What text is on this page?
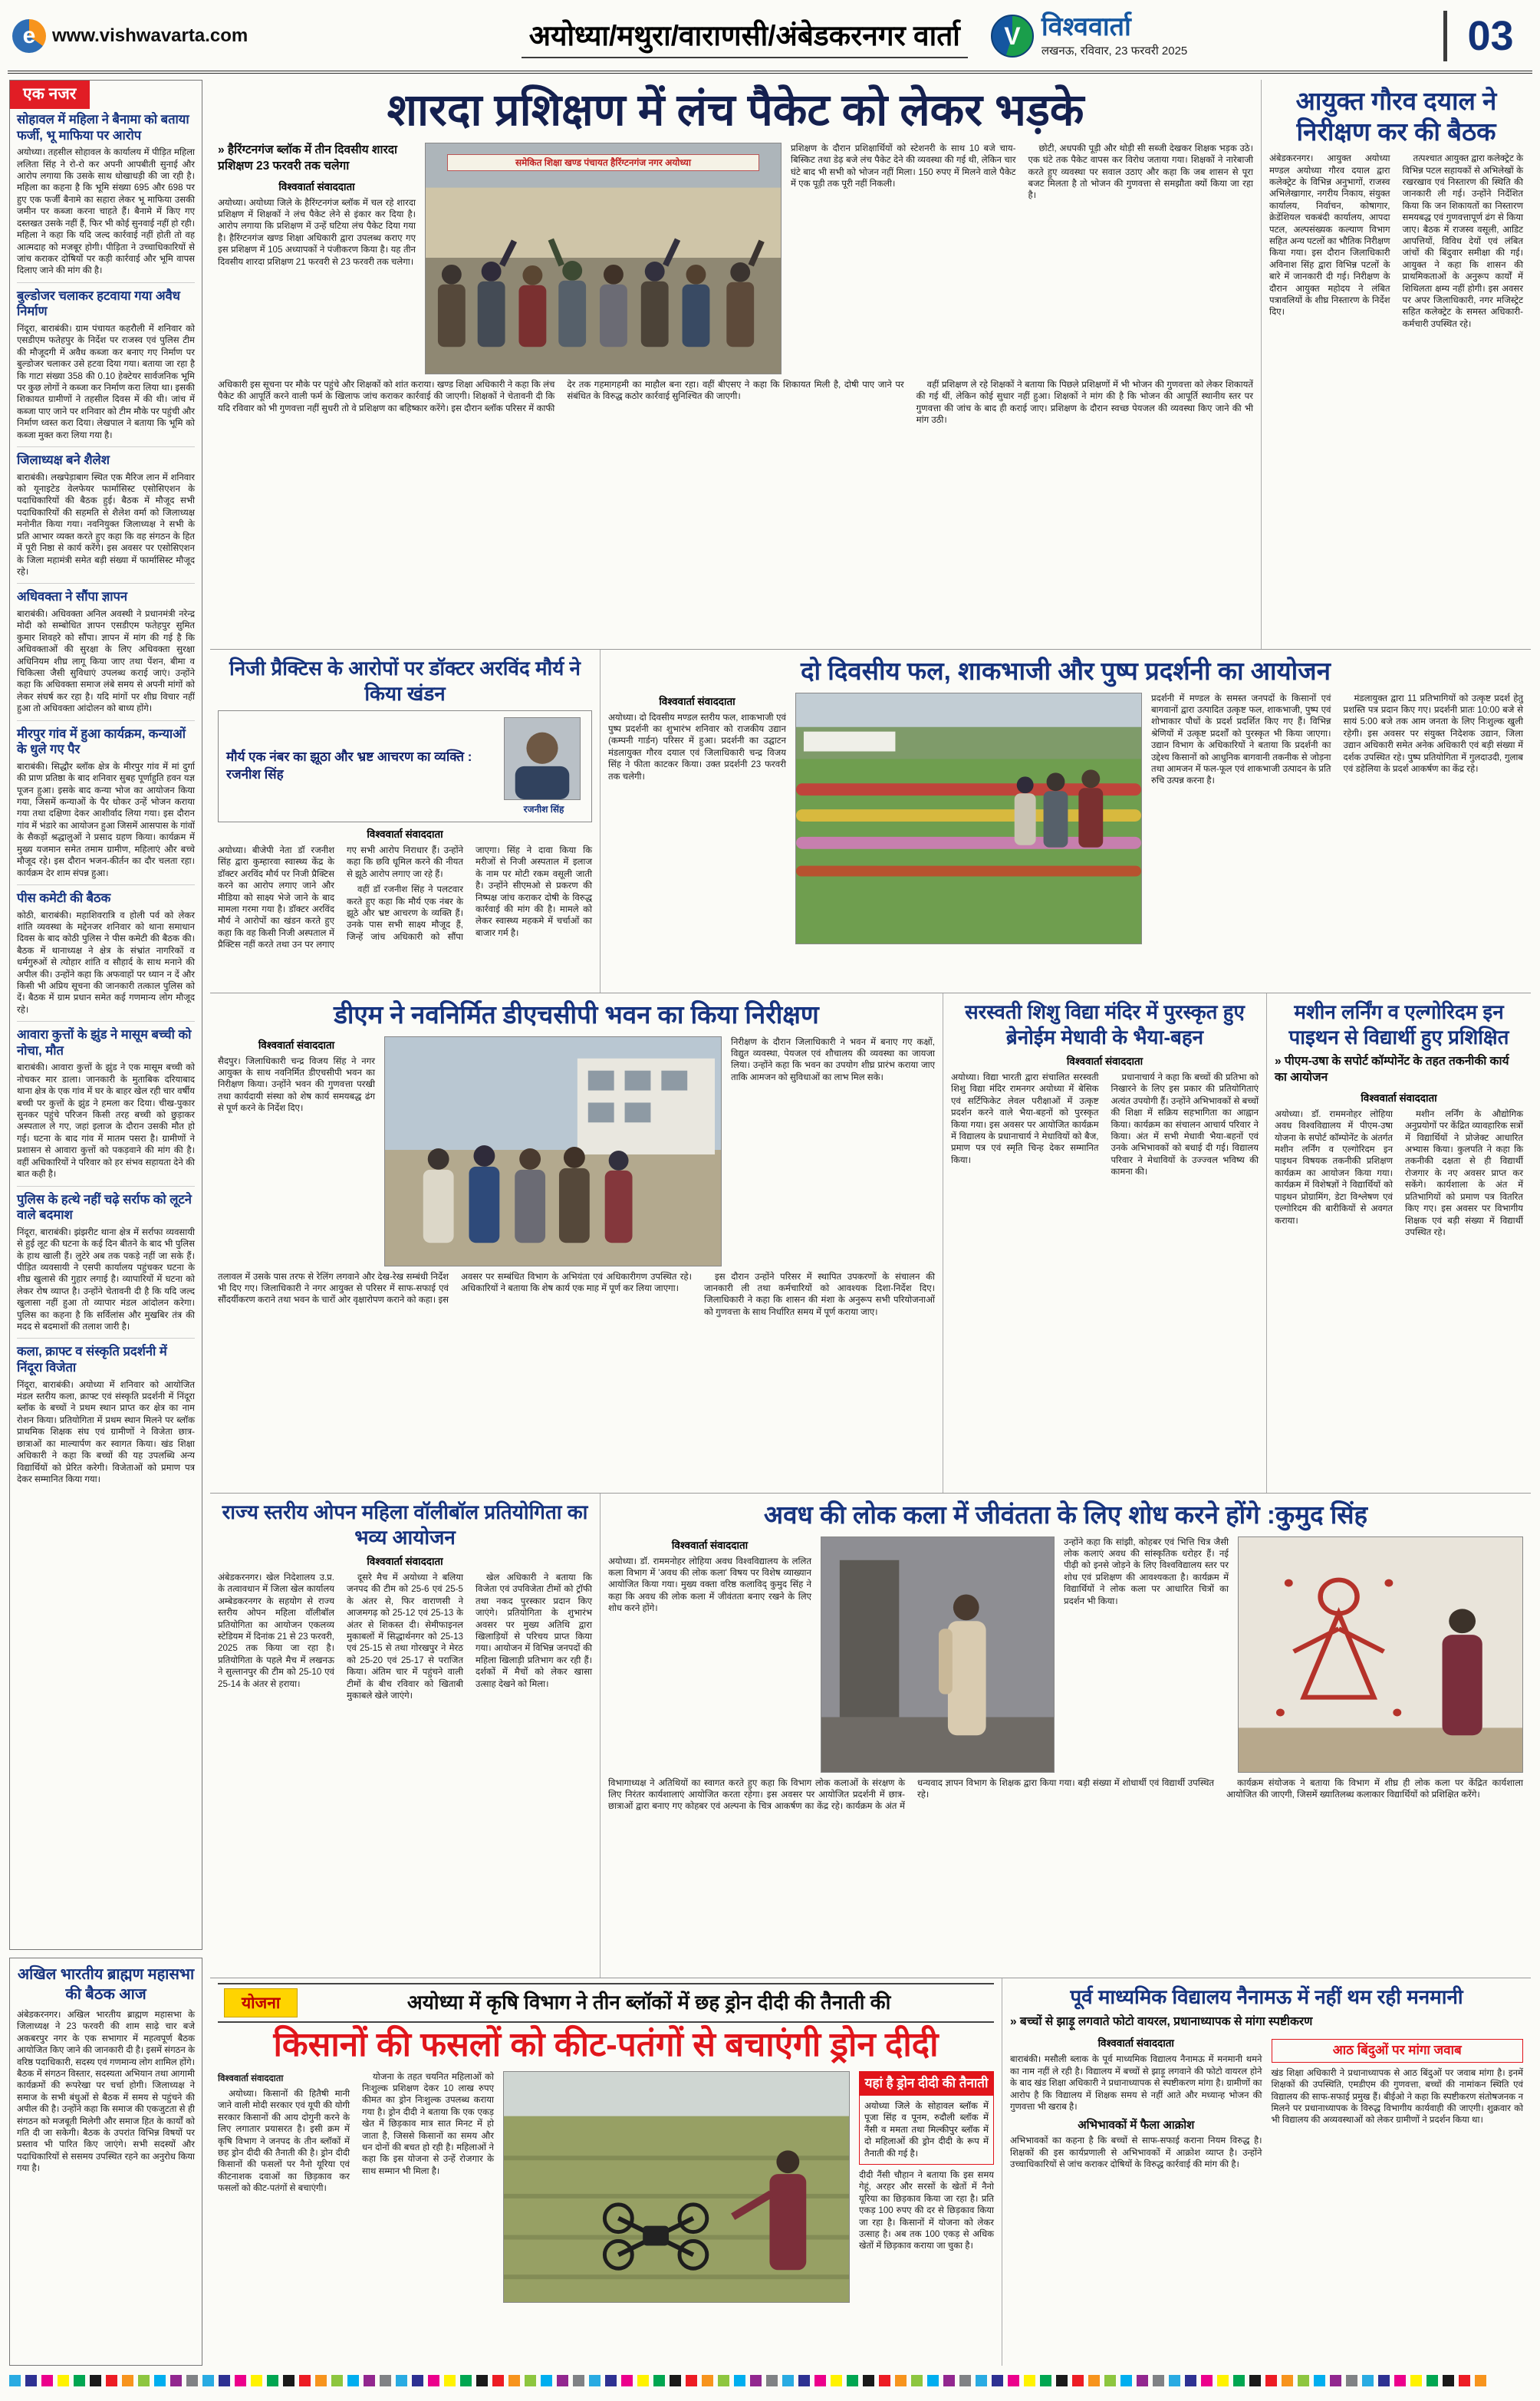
e www.vishwavarta.com	अयोध्या/मथुरा/वाराणसी/अंबेडकरनगर वार्ता	V विश्ववार्ता
लखनऊ, रविवार, 23 फरवरी 2025	03
एक नजर
सोहावल में महिला ने बैनामा को बताया फर्जी, भू माफिया पर आरोप

अयोध्या। तहसील सोहावल के कार्यालय में पीड़ित महिला ललिता सिंह ने रो-रो कर अपनी आपबीती सुनाई और आरोप लगाया कि उसके साथ धोखाधड़ी की जा रही है। महिला का कहना है कि भूमि संख्या 695 और 698 पर हुए एक फर्जी बैनामे का सहारा लेकर भू माफिया उसकी जमीन पर कब्जा करना चाहते हैं। बैनामे में किए गए दस्तखत उसके नहीं हैं, फिर भी कोई सुनवाई नहीं हो रही। महिला ने कहा कि यदि जल्द कार्रवाई नहीं होती तो वह आत्मदाह को मजबूर होगी। पीड़िता ने उच्चाधिकारियों से जांच कराकर दोषियों पर कड़ी कार्रवाई और भूमि वापस दिलाए जाने की मांग की है।

बुल्डोजर चलाकर हटवाया गया अवैध निर्माण

निंदूरा, बाराबंकी। ग्राम पंचायत कहरौली में शनिवार को एसडीएम फतेहपुर के निर्देश पर राजस्व एवं पुलिस टीम की मौजूदगी में अवैध कब्जा कर बनाए गए निर्माण पर बुल्डोजर चलाकर उसे हटवा दिया गया। बताया जा रहा है कि गाटा संख्या 358 की 0.10 हेक्टेयर सार्वजनिक भूमि पर कुछ लोगों ने कब्जा कर निर्माण करा लिया था। इसकी शिकायत ग्रामीणों ने तहसील दिवस में की थी। जांच में कब्जा पाए जाने पर शनिवार को टीम मौके पर पहुंची और निर्माण ध्वस्त करा दिया। लेखपाल ने बताया कि भूमि को कब्जा मुक्त करा लिया गया है।

जिलाध्यक्ष बने शैलेश

बाराबंकी। लखपेड़ाबाग स्थित एक मैरिज लान में शनिवार को यूनाइटेड वेलफेयर फार्मासिस्ट एसोसिएशन के पदाधिकारियों की बैठक हुई। बैठक में मौजूद सभी पदाधिकारियों की सहमति से शैलेश वर्मा को जिलाध्यक्ष मनोनीत किया गया। नवनियुक्त जिलाध्यक्ष ने सभी के प्रति आभार व्यक्त करते हुए कहा कि वह संगठन के हित में पूरी निष्ठा से कार्य करेंगे। इस अवसर पर एसोसिएशन के जिला महामंत्री समेत बड़ी संख्या में फार्मासिस्ट मौजूद रहे।

अधिवक्ता ने सौंपा ज्ञापन

बाराबंकी। अधिवक्ता अनिल अवस्थी ने प्रधानमंत्री नरेन्द्र मोदी को सम्बोधित ज्ञापन एसडीएम फतेहपुर सुमित कुमार शिवहरे को सौंपा। ज्ञापन में मांग की गई है कि अधिवक्ताओं की सुरक्षा के लिए अधिवक्ता सुरक्षा अधिनियम शीघ्र लागू किया जाए तथा पेंशन, बीमा व चिकित्सा जैसी सुविधाएं उपलब्ध कराई जाएं। उन्होंने कहा कि अधिवक्ता समाज लंबे समय से अपनी मांगों को लेकर संघर्ष कर रहा है। यदि मांगों पर शीघ्र विचार नहीं हुआ तो अधिवक्ता आंदोलन को बाध्य होंगे।

मीरपुर गांव में हुआ कार्यक्रम, कन्याओं के धुले गए पैर

बाराबंकी। सिद्धौर ब्लॉक क्षेत्र के मीरपुर गांव में मां दुर्गा की प्राण प्रतिष्ठा के बाद शनिवार सुबह पूर्णाहुति हवन यज्ञ पूजन हुआ। इसके बाद कन्या भोज का आयोजन किया गया, जिसमें कन्याओं के पैर धोकर उन्हें भोजन कराया गया तथा दक्षिणा देकर आशीर्वाद लिया गया। इस दौरान गांव में भंडारे का आयोजन हुआ जिसमें आसपास के गांवों के सैकड़ों श्रद्धालुओं ने प्रसाद ग्रहण किया। कार्यक्रम में मुख्य यजमान समेत तमाम ग्रामीण, महिलाएं और बच्चे मौजूद रहे। इस दौरान भजन-कीर्तन का दौर चलता रहा। कार्यक्रम देर शाम संपन्न हुआ।

पीस कमेटी की बैठक

कोठी, बाराबंकी। महाशिवरात्रि व होली पर्व को लेकर शांति व्यवस्था के मद्देनजर शनिवार को थाना समाधान दिवस के बाद कोठी पुलिस ने पीस कमेटी की बैठक की। बैठक में थानाध्यक्ष ने क्षेत्र के संभ्रांत नागरिकों व धर्मगुरुओं से त्योहार शांति व सौहार्द के साथ मनाने की अपील की। उन्होंने कहा कि अफवाहों पर ध्यान न दें और किसी भी अप्रिय सूचना की जानकारी तत्काल पुलिस को दें। बैठक में ग्राम प्रधान समेत कई गणमान्य लोग मौजूद रहे।

आवारा कुत्तों के झुंड ने मासूम बच्ची को नोचा, मौत

बाराबंकी। आवारा कुत्तों के झुंड ने एक मासूम बच्ची को नोचकर मार डाला। जानकारी के मुताबिक दरियाबाद थाना क्षेत्र के एक गांव में घर के बाहर खेल रही चार वर्षीय बच्ची पर कुत्तों के झुंड ने हमला कर दिया। चीख-पुकार सुनकर पहुंचे परिजन किसी तरह बच्ची को छुड़ाकर अस्पताल ले गए, जहां इलाज के दौरान उसकी मौत हो गई। घटना के बाद गांव में मातम पसरा है। ग्रामीणों ने प्रशासन से आवारा कुत्तों को पकड़वाने की मांग की है। वहीं अधिकारियों ने परिवार को हर संभव सहायता देने की बात कही है।

पुलिस के हत्थे नहीं चढ़े सर्राफ को लूटने वाले बदमाश

निंदूरा, बाराबंकी। झंझरीट थाना क्षेत्र में सर्राफा व्यवसायी से हुई लूट की घटना के कई दिन बीतने के बाद भी पुलिस के हाथ खाली हैं। लुटेरे अब तक पकड़े नहीं जा सके हैं। पीड़ित व्यवसायी ने एसपी कार्यालय पहुंचकर घटना के शीघ्र खुलासे की गुहार लगाई है। व्यापारियों में घटना को लेकर रोष व्याप्त है। उन्होंने चेतावनी दी है कि यदि जल्द खुलासा नहीं हुआ तो व्यापार मंडल आंदोलन करेगा। पुलिस का कहना है कि सर्विलांस और मुखबिर तंत्र की मदद से बदमाशों की तलाश जारी है।

कला, क्राफ्ट व संस्कृति प्रदर्शनी में निंदूरा विजेता

निंदूरा, बाराबंकी। अयोध्या में शनिवार को आयोजित मंडल स्तरीय कला, क्राफ्ट एवं संस्कृति प्रदर्शनी में निंदूरा ब्लॉक के बच्चों ने प्रथम स्थान प्राप्त कर क्षेत्र का नाम रोशन किया। प्रतियोगिता में प्रथम स्थान मिलने पर ब्लॉक प्राथमिक शिक्षक संघ एवं ग्रामीणों ने विजेता छात्र-छात्राओं का माल्यार्पण कर स्वागत किया। खंड शिक्षा अधिकारी ने कहा कि बच्चों की यह उपलब्धि अन्य विद्यार्थियों को प्रेरित करेगी। विजेताओं को प्रमाण पत्र देकर सम्मानित किया गया।

अखिल भारतीय ब्राह्मण महासभा की बैठक आज

अंबेडकरनगर। अखिल भारतीय ब्राह्मण महासभा के जिलाध्यक्ष ने 23 फरवरी की शाम साढ़े चार बजे अकबरपुर नगर के एक सभागार में महत्वपूर्ण बैठक आयोजित किए जाने की जानकारी दी है। इसमें संगठन के वरिष्ठ पदाधिकारी, सदस्य एवं गणमान्य लोग शामिल होंगे। बैठक में संगठन विस्तार, सदस्यता अभियान तथा आगामी कार्यक्रमों की रूपरेखा पर चर्चा होगी। जिलाध्यक्ष ने समाज के सभी बंधुओं से बैठक में समय से पहुंचने की अपील की है। उन्होंने कहा कि समाज की एकजुटता से ही संगठन को मजबूती मिलेगी और समाज हित के कार्यों को गति दी जा सकेगी। बैठक के उपरांत विभिन्न विषयों पर प्रस्ताव भी पारित किए जाएंगे। सभी सदस्यों और पदाधिकारियों से ससमय उपस्थित रहने का अनुरोध किया गया है।

शारदा प्रशिक्षण में लंच पैकेट को लेकर भड़के
» हैरिंग्टनगंज ब्लॉक में तीन दिवसीय शारदा प्रशिक्षण 23 फरवरी तक चलेगा
विश्ववार्ता संवाददाता

अयोध्या। अयोध्या जिले के हैरिंग्टनगंज ब्लॉक में चल रहे शारदा प्रशिक्षण में शिक्षकों ने लंच पैकेट लेने से इंकार कर दिया है। आरोप लगाया कि प्रशिक्षण में उन्हें घटिया लंच पैकेट दिया गया है। हैरिंग्टनगंज खण्ड शिक्षा अधिकारी द्वारा उपलब्ध कराए गए इस प्रशिक्षण में 105 अध्यापकों ने पंजीकरण किया है। यह तीन दिवसीय शारदा प्रशिक्षण 21 फरवरी से 23 फरवरी तक चलेगा।

समेकित शिक्षा खण्ड पंचायत हैरिंग्टनगंज नगर अयोध्या

प्रशिक्षण के दौरान प्रशिक्षार्थियों को स्टेशनरी के साथ 10 बजे चाय-बिस्किट तथा डेढ़ बजे लंच पैकेट देने की व्यवस्था की गई थी, लेकिन चार घंटे बाद भी सभी को भोजन नहीं मिला। 150 रुपए में मिलने वाले पैकेट में एक पूड़ी तक पूरी नहीं निकली।

छोटी, अधपकी पूड़ी और थोड़ी सी सब्जी देखकर शिक्षक भड़क उठे। एक घंटे तक पैकेट वापस कर विरोध जताया गया। शिक्षकों ने नारेबाजी करते हुए व्यवस्था पर सवाल उठाए और कहा कि जब शासन से पूरा बजट मिलता है तो भोजन की गुणवत्ता से समझौता क्यों किया जा रहा है।

अधिकारी इस सूचना पर मौके पर पहुंचे और शिक्षकों को शांत कराया। खण्ड शिक्षा अधिकारी ने कहा कि लंच पैकेट की आपूर्ति करने वाली फर्म के खिलाफ जांच कराकर कार्रवाई की जाएगी। शिक्षकों ने चेतावनी दी कि यदि रविवार को भी गुणवत्ता नहीं सुधरी तो वे प्रशिक्षण का बहिष्कार करेंगे। इस दौरान ब्लॉक परिसर में काफी देर तक गहमागहमी का माहौल बना रहा। वहीं बीएसए ने कहा कि शिकायत मिली है, दोषी पाए जाने पर संबंधित के विरुद्ध कठोर कार्रवाई सुनिश्चित की जाएगी।

वहीं प्रशिक्षण ले रहे शिक्षकों ने बताया कि पिछले प्रशिक्षणों में भी भोजन की गुणवत्ता को लेकर शिकायतें की गई थीं, लेकिन कोई सुधार नहीं हुआ। शिक्षकों ने मांग की है कि भोजन की आपूर्ति स्थानीय स्तर पर गुणवत्ता की जांच के बाद ही कराई जाए। प्रशिक्षण के दौरान स्वच्छ पेयजल की व्यवस्था किए जाने की भी मांग उठी।

आयुक्त गौरव दयाल ने निरीक्षण कर की बैठक

अंबेडकरनगर। आयुक्त अयोध्या मण्डल अयोध्या गौरव दयाल द्वारा कलेक्ट्रेट के विभिन्न अनुभागों, राजस्व अभिलेखागार, नगरीय निकाय, संयुक्त कार्यालय, निर्वाचन, कोषागार, क्रेडेंशियल चकबंदी कार्यालय, आपदा पटल, अल्पसंख्यक कल्याण विभाग सहित अन्य पटलों का भौतिक निरीक्षण किया गया। इस दौरान जिलाधिकारी अविनाश सिंह द्वारा विभिन्न पटलों के बारे में जानकारी दी गई। निरीक्षण के दौरान आयुक्त महोदय ने लंबित पत्रावलियों के शीघ्र निस्तारण के निर्देश दिए।

तत्पश्चात आयुक्त द्वारा कलेक्ट्रेट के विभिन्न पटल सहायकों से अभिलेखों के रखरखाव एवं निस्तारण की स्थिति की जानकारी ली गई। उन्होंने निर्देशित किया कि जन शिकायतों का निस्तारण समयबद्ध एवं गुणवत्तापूर्ण ढंग से किया जाए। बैठक में राजस्व वसूली, आडिट आपत्तियों, विविध देयों एवं लंबित जांचों की बिंदुवार समीक्षा की गई। आयुक्त ने कहा कि शासन की प्राथमिकताओं के अनुरूप कार्यों में शिथिलता क्षम्य नहीं होगी। इस अवसर पर अपर जिलाधिकारी, नगर मजिस्ट्रेट सहित कलेक्ट्रेट के समस्त अधिकारी-कर्मचारी उपस्थित रहे।

निजी प्रैक्टिस के आरोपों पर डॉक्टर अरविंद मौर्य ने किया खंडन
मौर्य एक नंबर का झूठा और भ्रष्ट आचरण का व्यक्ति : रजनीश सिंह
रजनीश सिंह
विश्ववार्ता संवाददाता

अयोध्या। बीजेपी नेता डॉ रजनीश सिंह द्वारा कुम्हारवा स्वास्थ्य केंद्र के डॉक्टर अरविंद मौर्य पर निजी प्रैक्टिस करने का आरोप लगाए जाने और मीडिया को साक्ष्य भेजे जाने के बाद मामला गरमा गया है। डॉक्टर अरविंद मौर्य ने आरोपों का खंडन करते हुए कहा कि वह किसी निजी अस्पताल में प्रैक्टिस नहीं करते तथा उन पर लगाए गए सभी आरोप निराधार हैं। उन्होंने कहा कि छवि धूमिल करने की नीयत से झूठे आरोप लगाए जा रहे हैं।

वहीं डॉ रजनीश सिंह ने पलटवार करते हुए कहा कि मौर्य एक नंबर के झूठे और भ्रष्ट आचरण के व्यक्ति हैं। उनके पास सभी साक्ष्य मौजूद हैं, जिन्हें जांच अधिकारी को सौंपा जाएगा। सिंह ने दावा किया कि मरीजों से निजी अस्पताल में इलाज के नाम पर मोटी रकम वसूली जाती है। उन्होंने सीएमओ से प्रकरण की निष्पक्ष जांच कराकर दोषी के विरुद्ध कार्रवाई की मांग की है। मामले को लेकर स्वास्थ्य महकमे में चर्चाओं का बाजार गर्म है।

दो दिवसीय फल, शाकभाजी और पुष्प प्रदर्शनी का आयोजन
विश्ववार्ता संवाददाता

अयोध्या। दो दिवसीय मण्डल स्तरीय फल, शाकभाजी एवं पुष्प प्रदर्शनी का शुभारंभ शनिवार को राजकीय उद्यान (कम्पनी गार्डन) परिसर में हुआ। प्रदर्शनी का उद्घाटन मंडलायुक्त गौरव दयाल एवं जिलाधिकारी चन्द्र विजय सिंह ने फीता काटकर किया। उक्त प्रदर्शनी 23 फरवरी तक चलेगी।

प्रदर्शनी में मण्डल के समस्त जनपदों के किसानों एवं बागवानों द्वारा उत्पादित उत्कृष्ट फल, शाकभाजी, पुष्प एवं शोभाकार पौधों के प्रदर्श प्रदर्शित किए गए हैं। विभिन्न श्रेणियों में उत्कृष्ट प्रदर्शों को पुरस्कृत भी किया जाएगा। उद्यान विभाग के अधिकारियों ने बताया कि प्रदर्शनी का उद्देश्य किसानों को आधुनिक बागवानी तकनीक से जोड़ना तथा आमजन में फल-फूल एवं शाकभाजी उत्पादन के प्रति रुचि उत्पन्न करना है।

मंडलायुक्त द्वारा 11 प्रतिभागियों को उत्कृष्ट प्रदर्श हेतु प्रशस्ति पत्र प्रदान किए गए। प्रदर्शनी प्रातः 10:00 बजे से सायं 5:00 बजे तक आम जनता के लिए निःशुल्क खुली रहेगी। इस अवसर पर संयुक्त निदेशक उद्यान, जिला उद्यान अधिकारी समेत अनेक अधिकारी एवं बड़ी संख्या में दर्शक उपस्थित रहे। पुष्प प्रतियोगिता में गुलदाउदी, गुलाब एवं डहेलिया के प्रदर्श आकर्षण का केंद्र रहे।

डीएम ने नवनिर्मित डीएचसीपी भवन का किया निरीक्षण
विश्ववार्ता संवाददाता

सैदपुर। जिलाधिकारी चन्द्र विजय सिंह ने नगर आयुक्त के साथ नवनिर्मित डीएचसीपी भवन का निरीक्षण किया। उन्होंने भवन की गुणवत्ता परखी तथा कार्यदायी संस्था को शेष कार्य समयबद्ध ढंग से पूर्ण करने के निर्देश दिए।

निरीक्षण के दौरान जिलाधिकारी ने भवन में बनाए गए कक्षों, विद्युत व्यवस्था, पेयजल एवं शौचालय की व्यवस्था का जायजा लिया। उन्होंने कहा कि भवन का उपयोग शीघ्र प्रारंभ कराया जाए ताकि आमजन को सुविधाओं का लाभ मिल सके।

तलावल में उसके पास तरफ से रेलिंग लगवाने और देख-रेख सम्बंधी निर्देश भी दिए गए। जिलाधिकारी ने नगर आयुक्त से परिसर में साफ-सफाई एवं सौंदर्यीकरण कराने तथा भवन के चारों ओर वृक्षारोपण कराने को कहा। इस अवसर पर सम्बंधित विभाग के अभियंता एवं अधिकारीगण उपस्थित रहे। अधिकारियों ने बताया कि शेष कार्य एक माह में पूर्ण कर लिया जाएगा।

इस दौरान उन्होंने परिसर में स्थापित उपकरणों के संचालन की जानकारी ली तथा कर्मचारियों को आवश्यक दिशा-निर्देश दिए। जिलाधिकारी ने कहा कि शासन की मंशा के अनुरूप सभी परियोजनाओं को गुणवत्ता के साथ निर्धारित समय में पूर्ण कराया जाए।

सरस्वती शिशु विद्या मंदिर में पुरस्कृत हुए ब्रेनोईम मेधावी के भैया-बहन
विश्ववार्ता संवाददाता

अयोध्या। विद्या भारती द्वारा संचालित सरस्वती शिशु विद्या मंदिर रामनगर अयोध्या में बेसिक एवं सर्टिफिकेट लेवल परीक्षाओं में उत्कृष्ट प्रदर्शन करने वाले भैया-बहनों को पुरस्कृत किया गया। इस अवसर पर आयोजित कार्यक्रम में विद्यालय के प्रधानाचार्य ने मेधावियों को बैज, प्रमाण पत्र एवं स्मृति चिन्ह देकर सम्मानित किया।

प्रधानाचार्य ने कहा कि बच्चों की प्रतिभा को निखारने के लिए इस प्रकार की प्रतियोगिताएं अत्यंत उपयोगी हैं। उन्होंने अभिभावकों से बच्चों की शिक्षा में सक्रिय सहभागिता का आह्वान किया। कार्यक्रम का संचालन आचार्य परिवार ने किया। अंत में सभी मेधावी भैया-बहनों एवं उनके अभिभावकों को बधाई दी गई। विद्यालय परिवार ने मेधावियों के उज्ज्वल भविष्य की कामना की।

मशीन लर्निंग व एल्गोरिदम इन पाइथन से विद्यार्थी हुए प्रशिक्षित
» पीएम-उषा के सपोर्ट कॉम्पोनेंट के तहत तकनीकी कार्य का आयोजन
विश्ववार्ता संवाददाता

अयोध्या। डॉ. राममनोहर लोहिया अवध विश्वविद्यालय में पीएम-उषा योजना के सपोर्ट कॉम्पोनेंट के अंतर्गत मशीन लर्निंग व एल्गोरिदम इन पाइथन विषयक तकनीकी प्रशिक्षण कार्यक्रम का आयोजन किया गया। कार्यक्रम में विशेषज्ञों ने विद्यार्थियों को पाइथन प्रोग्रामिंग, डेटा विश्लेषण एवं एल्गोरिदम की बारीकियों से अवगत कराया।

मशीन लर्निंग के औद्योगिक अनुप्रयोगों पर केंद्रित व्यावहारिक सत्रों में विद्यार्थियों ने प्रोजेक्ट आधारित अभ्यास किया। कुलपति ने कहा कि तकनीकी दक्षता से ही विद्यार्थी रोजगार के नए अवसर प्राप्त कर सकेंगे। कार्यशाला के अंत में प्रतिभागियों को प्रमाण पत्र वितरित किए गए। इस अवसर पर विभागीय शिक्षक एवं बड़ी संख्या में विद्यार्थी उपस्थित रहे।

राज्य स्तरीय ओपन महिला वॉलीबॉल प्रतियोगिता का भव्य आयोजन
विश्ववार्ता संवाददाता

अंबेडकरनगर। खेल निदेशालय उ.प्र. के तत्वावधान में जिला खेल कार्यालय अम्बेडकरनगर के सहयोग से राज्य स्तरीय ओपन महिला वॉलीबॉल प्रतियोगिता का आयोजन एकलव्य स्टेडियम में दिनांक 21 से 23 फरवरी, 2025 तक किया जा रहा है। प्रतियोगिता के पहले मैच में लखनऊ ने सुल्तानपुर की टीम को 25-10 एवं 25-14 के अंतर से हराया।

दूसरे मैच में अयोध्या ने बलिया जनपद की टीम को 25-6 एवं 25-5 के अंतर से, फिर वाराणसी ने आजमगढ़ को 25-12 एवं 25-13 के अंतर से शिकस्त दी। सेमीफाइनल मुकाबलों में सिद्धार्थनगर को 25-13 एवं 25-15 से तथा गोरखपुर ने मेरठ को 25-20 एवं 25-17 से पराजित किया। अंतिम चार में पहुंचने वाली टीमों के बीच रविवार को खिताबी मुकाबले खेले जाएंगे।

खेल अधिकारी ने बताया कि विजेता एवं उपविजेता टीमों को ट्रॉफी तथा नकद पुरस्कार प्रदान किए जाएंगे। प्रतियोगिता के शुभारंभ अवसर पर मुख्य अतिथि द्वारा खिलाड़ियों से परिचय प्राप्त किया गया। आयोजन में विभिन्न जनपदों की महिला खिलाड़ी प्रतिभाग कर रही हैं। दर्शकों में मैचों को लेकर खासा उत्साह देखने को मिला।

अवध की लोक कला में जीवंतता के लिए शोध करने होंगे :कुमुद सिंह
विश्ववार्ता संवाददाता

अयोध्या। डॉ. राममनोहर लोहिया अवध विश्वविद्यालय के ललित कला विभाग में 'अवध की लोक कला' विषय पर विशेष व्याख्यान आयोजित किया गया। मुख्य वक्ता वरिष्ठ कलाविद् कुमुद सिंह ने कहा कि अवध की लोक कला में जीवंतता बनाए रखने के लिए शोध करने होंगे।

उन्होंने कहा कि सांझी, कोहबर एवं भित्ति चित्र जैसी लोक कलाएं अवध की सांस्कृतिक धरोहर हैं। नई पीढ़ी को इनसे जोड़ने के लिए विश्वविद्यालय स्तर पर शोध एवं प्रशिक्षण की आवश्यकता है। कार्यक्रम में विद्यार्थियों ने लोक कला पर आधारित चित्रों का प्रदर्शन भी किया।

विभागाध्यक्ष ने अतिथियों का स्वागत करते हुए कहा कि विभाग लोक कलाओं के संरक्षण के लिए निरंतर कार्यशालाएं आयोजित करता रहेगा। इस अवसर पर आयोजित प्रदर्शनी में छात्र-छात्राओं द्वारा बनाए गए कोहबर एवं अल्पना के चित्र आकर्षण का केंद्र रहे। कार्यक्रम के अंत में धन्यवाद ज्ञापन विभाग के शिक्षक द्वारा किया गया। बड़ी संख्या में शोधार्थी एवं विद्यार्थी उपस्थित रहे।

कार्यक्रम संयोजक ने बताया कि विभाग में शीघ्र ही लोक कला पर केंद्रित कार्यशाला आयोजित की जाएगी, जिसमें ख्यातिलब्ध कलाकार विद्यार्थियों को प्रशिक्षित करेंगे।

योजना	अयोध्या में कृषि विभाग ने तीन ब्लॉकों में छह ड्रोन दीदी की तैनाती की
किसानों की फसलों को कीट-पतंगों से बचाएंगी ड्रोन दीदी

विश्ववार्ता संवाददाता

अयोध्या। किसानों की हितैषी मानी जाने वाली मोदी सरकार एवं यूपी की योगी सरकार किसानों की आय दोगुनी करने के लिए लगातार प्रयासरत है। इसी क्रम में कृषि विभाग ने जनपद के तीन ब्लॉकों में छह ड्रोन दीदी की तैनाती की है। ड्रोन दीदी किसानों की फसलों पर नैनो यूरिया एवं कीटनाशक दवाओं का छिड़काव कर फसलों को कीट-पतंगों से बचाएंगी।

योजना के तहत चयनित महिलाओं को निःशुल्क प्रशिक्षण देकर 10 लाख रुपए कीमत का ड्रोन निःशुल्क उपलब्ध कराया गया है। ड्रोन दीदी ने बताया कि एक एकड़ खेत में छिड़काव मात्र सात मिनट में हो जाता है, जिससे किसानों का समय और धन दोनों की बचत हो रही है। महिलाओं ने कहा कि इस योजना से उन्हें रोजगार के साथ सम्मान भी मिला है।

यहां है ड्रोन दीदी की तैनाती
अयोध्या जिले के सोहावल ब्लॉक में पूजा सिंह व पूनम, रुदौली ब्लॉक में नैंसी व ममता तथा मिल्कीपुर ब्लॉक में दो महिलाओं की ड्रोन दीदी के रूप में तैनाती की गई है।

दीदी नैंसी चौहान ने बताया कि इस समय गेहूं, अरहर और सरसों के खेतों में नैनो यूरिया का छिड़काव किया जा रहा है। प्रति एकड़ 100 रुपए की दर से छिड़काव किया जा रहा है। किसानों में योजना को लेकर उत्साह है। अब तक 100 एकड़ से अधिक खेतों में छिड़काव कराया जा चुका है।

पूर्व माध्यमिक विद्यालय नैनामऊ में नहीं थम रही मनमानी
» बच्चों से झाड़ू लगवाते फोटो वायरल, प्रधानाध्यापक से मांगा स्पष्टीकरण
विश्ववार्ता संवाददाता

बाराबंकी। मसौली ब्लाक के पूर्व माध्यमिक विद्यालय नैनामऊ में मनमानी थमने का नाम नहीं ले रही है। विद्यालय में बच्चों से झाड़ू लगवाने की फोटो वायरल होने के बाद खंड शिक्षा अधिकारी ने प्रधानाध्यापक से स्पष्टीकरण मांगा है। ग्रामीणों का आरोप है कि विद्यालय में शिक्षक समय से नहीं आते और मध्यान्ह भोजन की गुणवत्ता भी खराब है।

अभिभावकों में फैला आक्रोश

अभिभावकों का कहना है कि बच्चों से साफ-सफाई कराना नियम विरुद्ध है। शिक्षकों की इस कार्यप्रणाली से अभिभावकों में आक्रोश व्याप्त है। उन्होंने उच्चाधिकारियों से जांच कराकर दोषियों के विरुद्ध कार्रवाई की मांग की है।

आठ बिंदुओं पर मांगा जवाब

खंड शिक्षा अधिकारी ने प्रधानाध्यापक से आठ बिंदुओं पर जवाब मांगा है। इनमें शिक्षकों की उपस्थिति, एमडीएम की गुणवत्ता, बच्चों की नामांकन स्थिति एवं विद्यालय की साफ-सफाई प्रमुख हैं। बीईओ ने कहा कि स्पष्टीकरण संतोषजनक न मिलने पर प्रधानाध्यापक के विरुद्ध विभागीय कार्यवाही की जाएगी। शुक्रवार को भी विद्यालय की अव्यवस्थाओं को लेकर ग्रामीणों ने प्रदर्शन किया था।
